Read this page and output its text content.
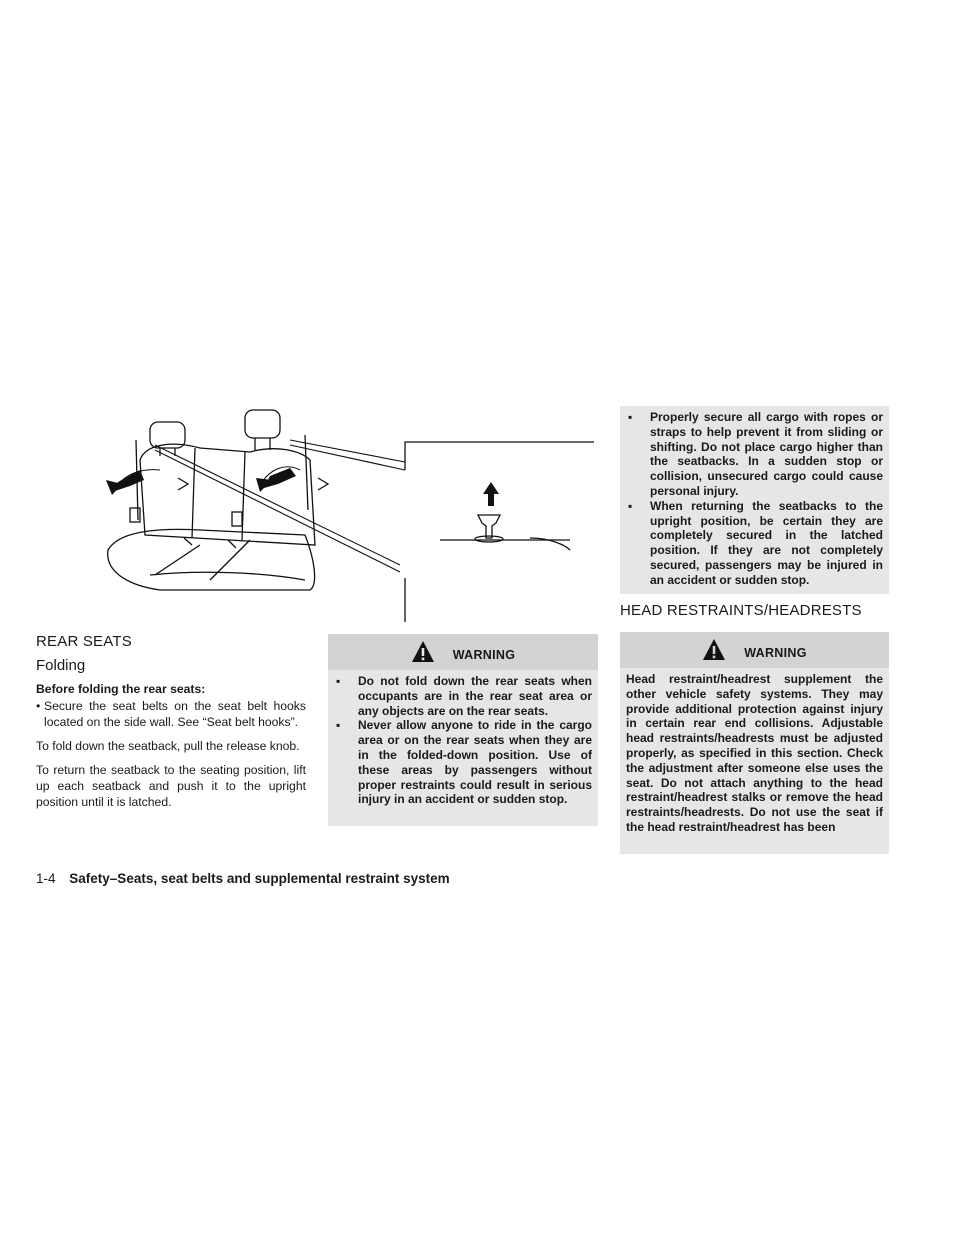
REAR SEATS
Folding
Before folding the rear seats:
• Secure the seat belts on the seat belt hooks located on the side wall. See “Seat belt hooks”.
To fold down the seatback, pull the release knob.
To return the seatback to the seating position, lift up each seatback and push it to the upright position until it is latched.
WARNING
▪	Do not fold down the rear seats when occupants are in the rear seat area or any objects are on the rear seats.
▪	Never allow anyone to ride in the cargo area or on the rear seats when they are in the folded-down position. Use of these areas by passengers without proper restraints could result in serious injury in an accident or sudden stop.
▪	Properly secure all cargo with ropes or straps to help prevent it from sliding or shifting. Do not place cargo higher than the seatbacks. In a sudden stop or collision, unsecured cargo could cause personal injury.
▪	When returning the seatbacks to the upright position, be certain they are completely secured in the latched position. If they are not completely secured, passengers may be injured in an accident or sudden stop.
HEAD RESTRAINTS/HEADRESTS
WARNING
Head restraint/headrest supplement the other vehicle safety systems. They may provide additional protection against injury in certain rear end collisions. Adjustable head restraints/headrests must be adjusted properly, as specified in this section. Check the adjustment after someone else uses the seat. Do not attach anything to the head restraint/headrest stalks or remove the head restraints/headrests. Do not use the seat if the head restraint/headrest has been
1-4 Safety–Seats, seat belts and supplemental restraint system
